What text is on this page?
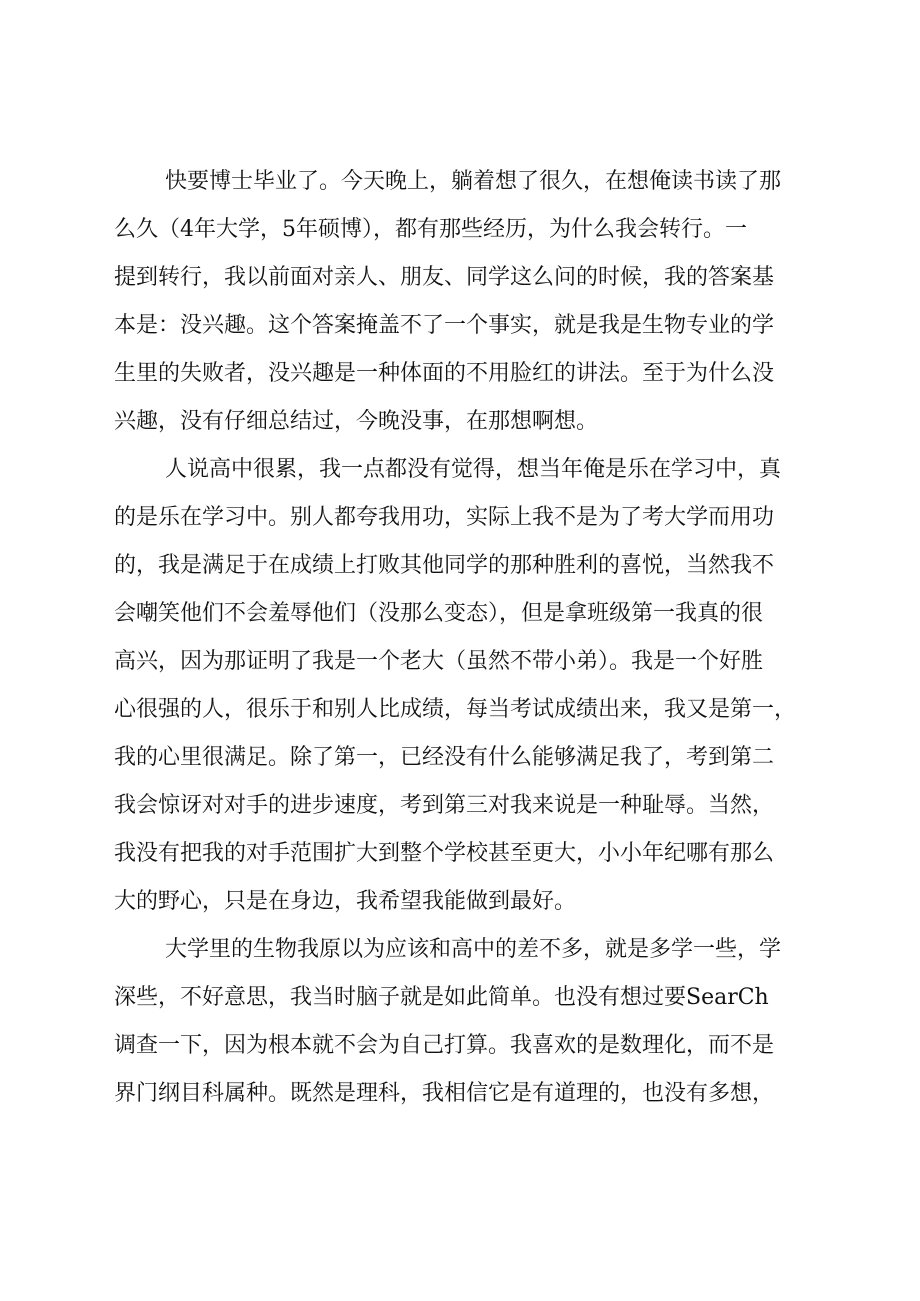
快要博士毕业了。今天晚上，躺着想了很久，在想俺读书读了那
么久（4年大学，5年硕博），都有那些经历，为什么我会转行。一
提到转行，我以前面对亲人、朋友、同学这么问的时候，我的答案基
本是：没兴趣。这个答案掩盖不了一个事实，就是我是生物专业的学
生里的失败者，没兴趣是一种体面的不用脸红的讲法。至于为什么没
兴趣，没有仔细总结过，今晚没事，在那想啊想。
人说高中很累，我一点都没有觉得，想当年俺是乐在学习中，真
的是乐在学习中。别人都夸我用功，实际上我不是为了考大学而用功
的，我是满足于在成绩上打败其他同学的那种胜利的喜悦，当然我不
会嘲笑他们不会羞辱他们（没那么变态），但是拿班级第一我真的很
高兴，因为那证明了我是一个老大（虽然不带小弟）。我是一个好胜
心很强的人，很乐于和别人比成绩，每当考试成绩出来，我又是第一，
我的心里很满足。除了第一，已经没有什么能够满足我了，考到第二
我会惊讶对对手的进步速度，考到第三对我来说是一种耻辱。当然，
我没有把我的对手范围扩大到整个学校甚至更大，小小年纪哪有那么
大的野心，只是在身边，我希望我能做到最好。
大学里的生物我原以为应该和高中的差不多，就是多学一些，学
深些，不好意思，我当时脑子就是如此简单。也没有想过要SearCh
调查一下，因为根本就不会为自己打算。我喜欢的是数理化，而不是
界门纲目科属种。既然是理科，我相信它是有道理的，也没有多想，
